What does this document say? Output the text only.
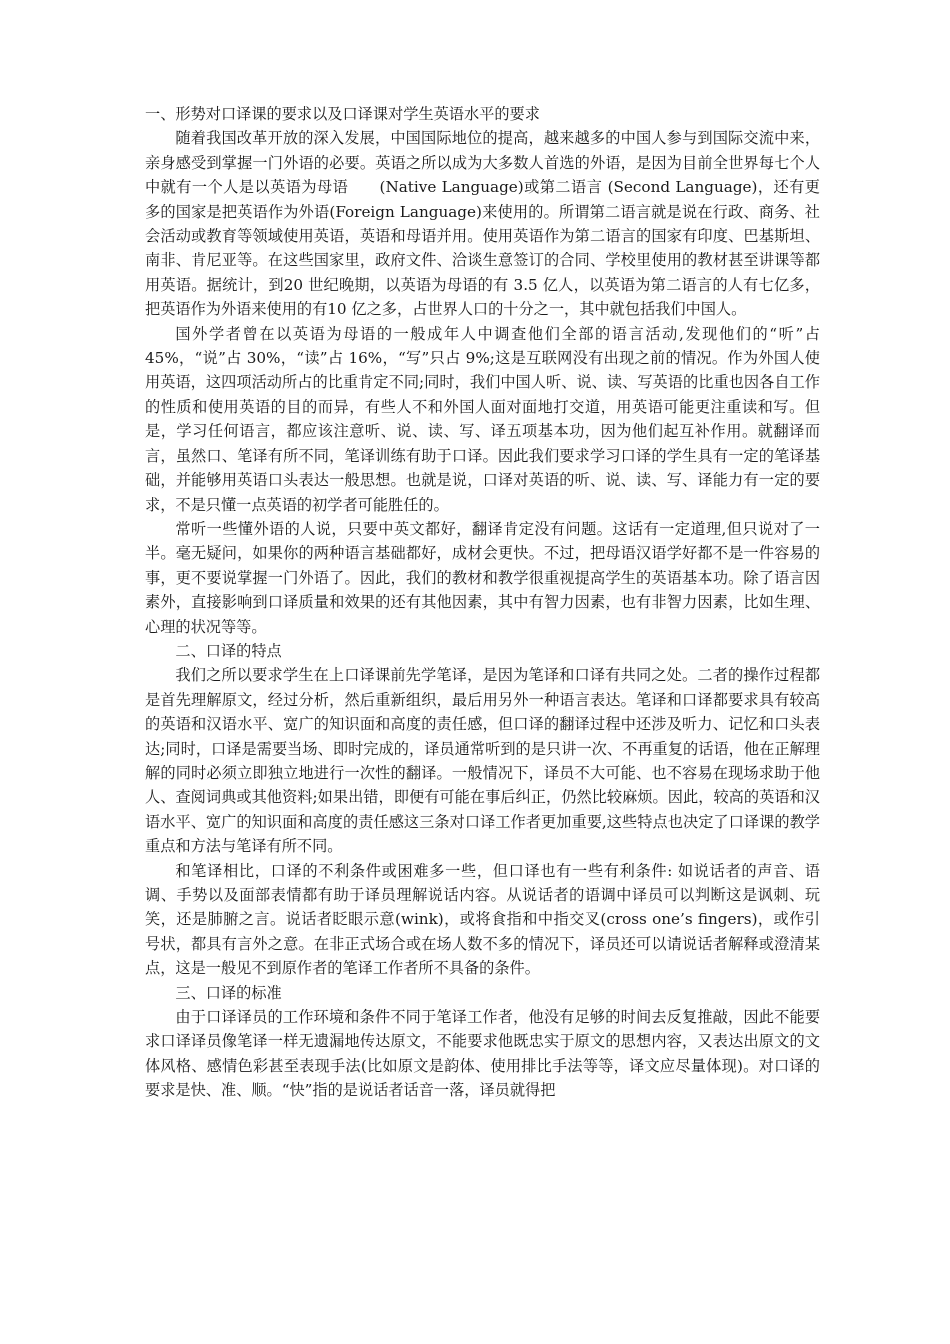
一、形势对口译课的要求以及口译课对学生英语水平的要求

随着我国改革开放的深入发展，中国国际地位的提高，越来越多的中国人参与到国际交流中来，亲身感受到掌握一门外语的必要。英语之所以成为大多数人首选的外语，是因为目前全世界每七个人中就有一个人是以英语为母语　　(Native Language)或第二语言 (Second Language)，还有更多的国家是把英语作为外语(Foreign Language)来使用的。所谓第二语言就是说在行政、商务、社会活动或教育等领域使用英语，英语和母语并用。使用英语作为第二语言的国家有印度、巴基斯坦、南非、肯尼亚等。在这些国家里，政府文件、洽谈生意签订的合同、学校里使用的教材甚至讲课等都用英语。据统计，到20 世纪晚期，以英语为母语的有 3.5 亿人，以英语为第二语言的人有七亿多，把英语作为外语来使用的有10 亿之多，占世界人口的十分之一，其中就包括我们中国人。

国外学者曾在以英语为母语的一般成年人中调查他们全部的语言活动,发现他们的“听”占 45%，“说”占 30%，“读”占 16%，“写”只占 9%;这是互联网没有出现之前的情况。作为外国人使用英语，这四项活动所占的比重肯定不同;同时，我们中国人听、说、读、写英语的比重也因各自工作的性质和使用英语的目的而异，有些人不和外国人面对面地打交道，用英语可能更注重读和写。但是，学习任何语言，都应该注意听、说、读、写、译五项基本功，因为他们起互补作用。就翻译而言，虽然口、笔译有所不同，笔译训练有助于口译。因此我们要求学习口译的学生具有一定的笔译基础，并能够用英语口头表达一般思想。也就是说，口译对英语的听、说、读、写、译能力有一定的要求，不是只懂一点英语的初学者可能胜任的。

常听一些懂外语的人说，只要中英文都好，翻译肯定没有问题。这话有一定道理,但只说对了一半。毫无疑问，如果你的两种语言基础都好，成材会更快。不过，把母语汉语学好都不是一件容易的事，更不要说掌握一门外语了。因此，我们的教材和教学很重视提高学生的英语基本功。除了语言因素外，直接影响到口译质量和效果的还有其他因素，其中有智力因素，也有非智力因素，比如生理、心理的状况等等。

二、口译的特点

我们之所以要求学生在上口译课前先学笔译，是因为笔译和口译有共同之处。二者的操作过程都是首先理解原文，经过分析，然后重新组织，最后用另外一种语言表达。笔译和口译都要求具有较高的英语和汉语水平、宽广的知识面和高度的责任感，但口译的翻译过程中还涉及听力、记忆和口头表达;同时，口译是需要当场、即时完成的，译员通常听到的是只讲一次、不再重复的话语，他在正解理解的同时必须立即独立地进行一次性的翻译。一般情况下，译员不大可能、也不容易在现场求助于他人、查阅词典或其他资料;如果出错，即便有可能在事后纠正，仍然比较麻烦。因此，较高的英语和汉语水平、宽广的知识面和高度的责任感这三条对口译工作者更加重要,这些特点也决定了口译课的教学重点和方法与笔译有所不同。

和笔译相比，口译的不利条件或困难多一些，但口译也有一些有利条件: 如说话者的声音、语调、手势以及面部表情都有助于译员理解说话内容。从说话者的语调中译员可以判断这是讽刺、玩笑，还是肺腑之言。说话者眨眼示意(wink)，或将食指和中指交叉(cross one’s fingers)，或作引号状，都具有言外之意。在非正式场合或在场人数不多的情况下，译员还可以请说话者解释或澄清某点，这是一般见不到原作者的笔译工作者所不具备的条件。

三、口译的标准

由于口译译员的工作环境和条件不同于笔译工作者，他没有足够的时间去反复推敲，因此不能要求口译译员像笔译一样无遗漏地传达原文，不能要求他既忠实于原文的思想内容，又表达出原文的文体风格、感情色彩甚至表现手法(比如原文是韵体、使用排比手法等等，译文应尽量体现)。对口译的要求是快、准、顺。“快”指的是说话者话音一落，译员就得把
